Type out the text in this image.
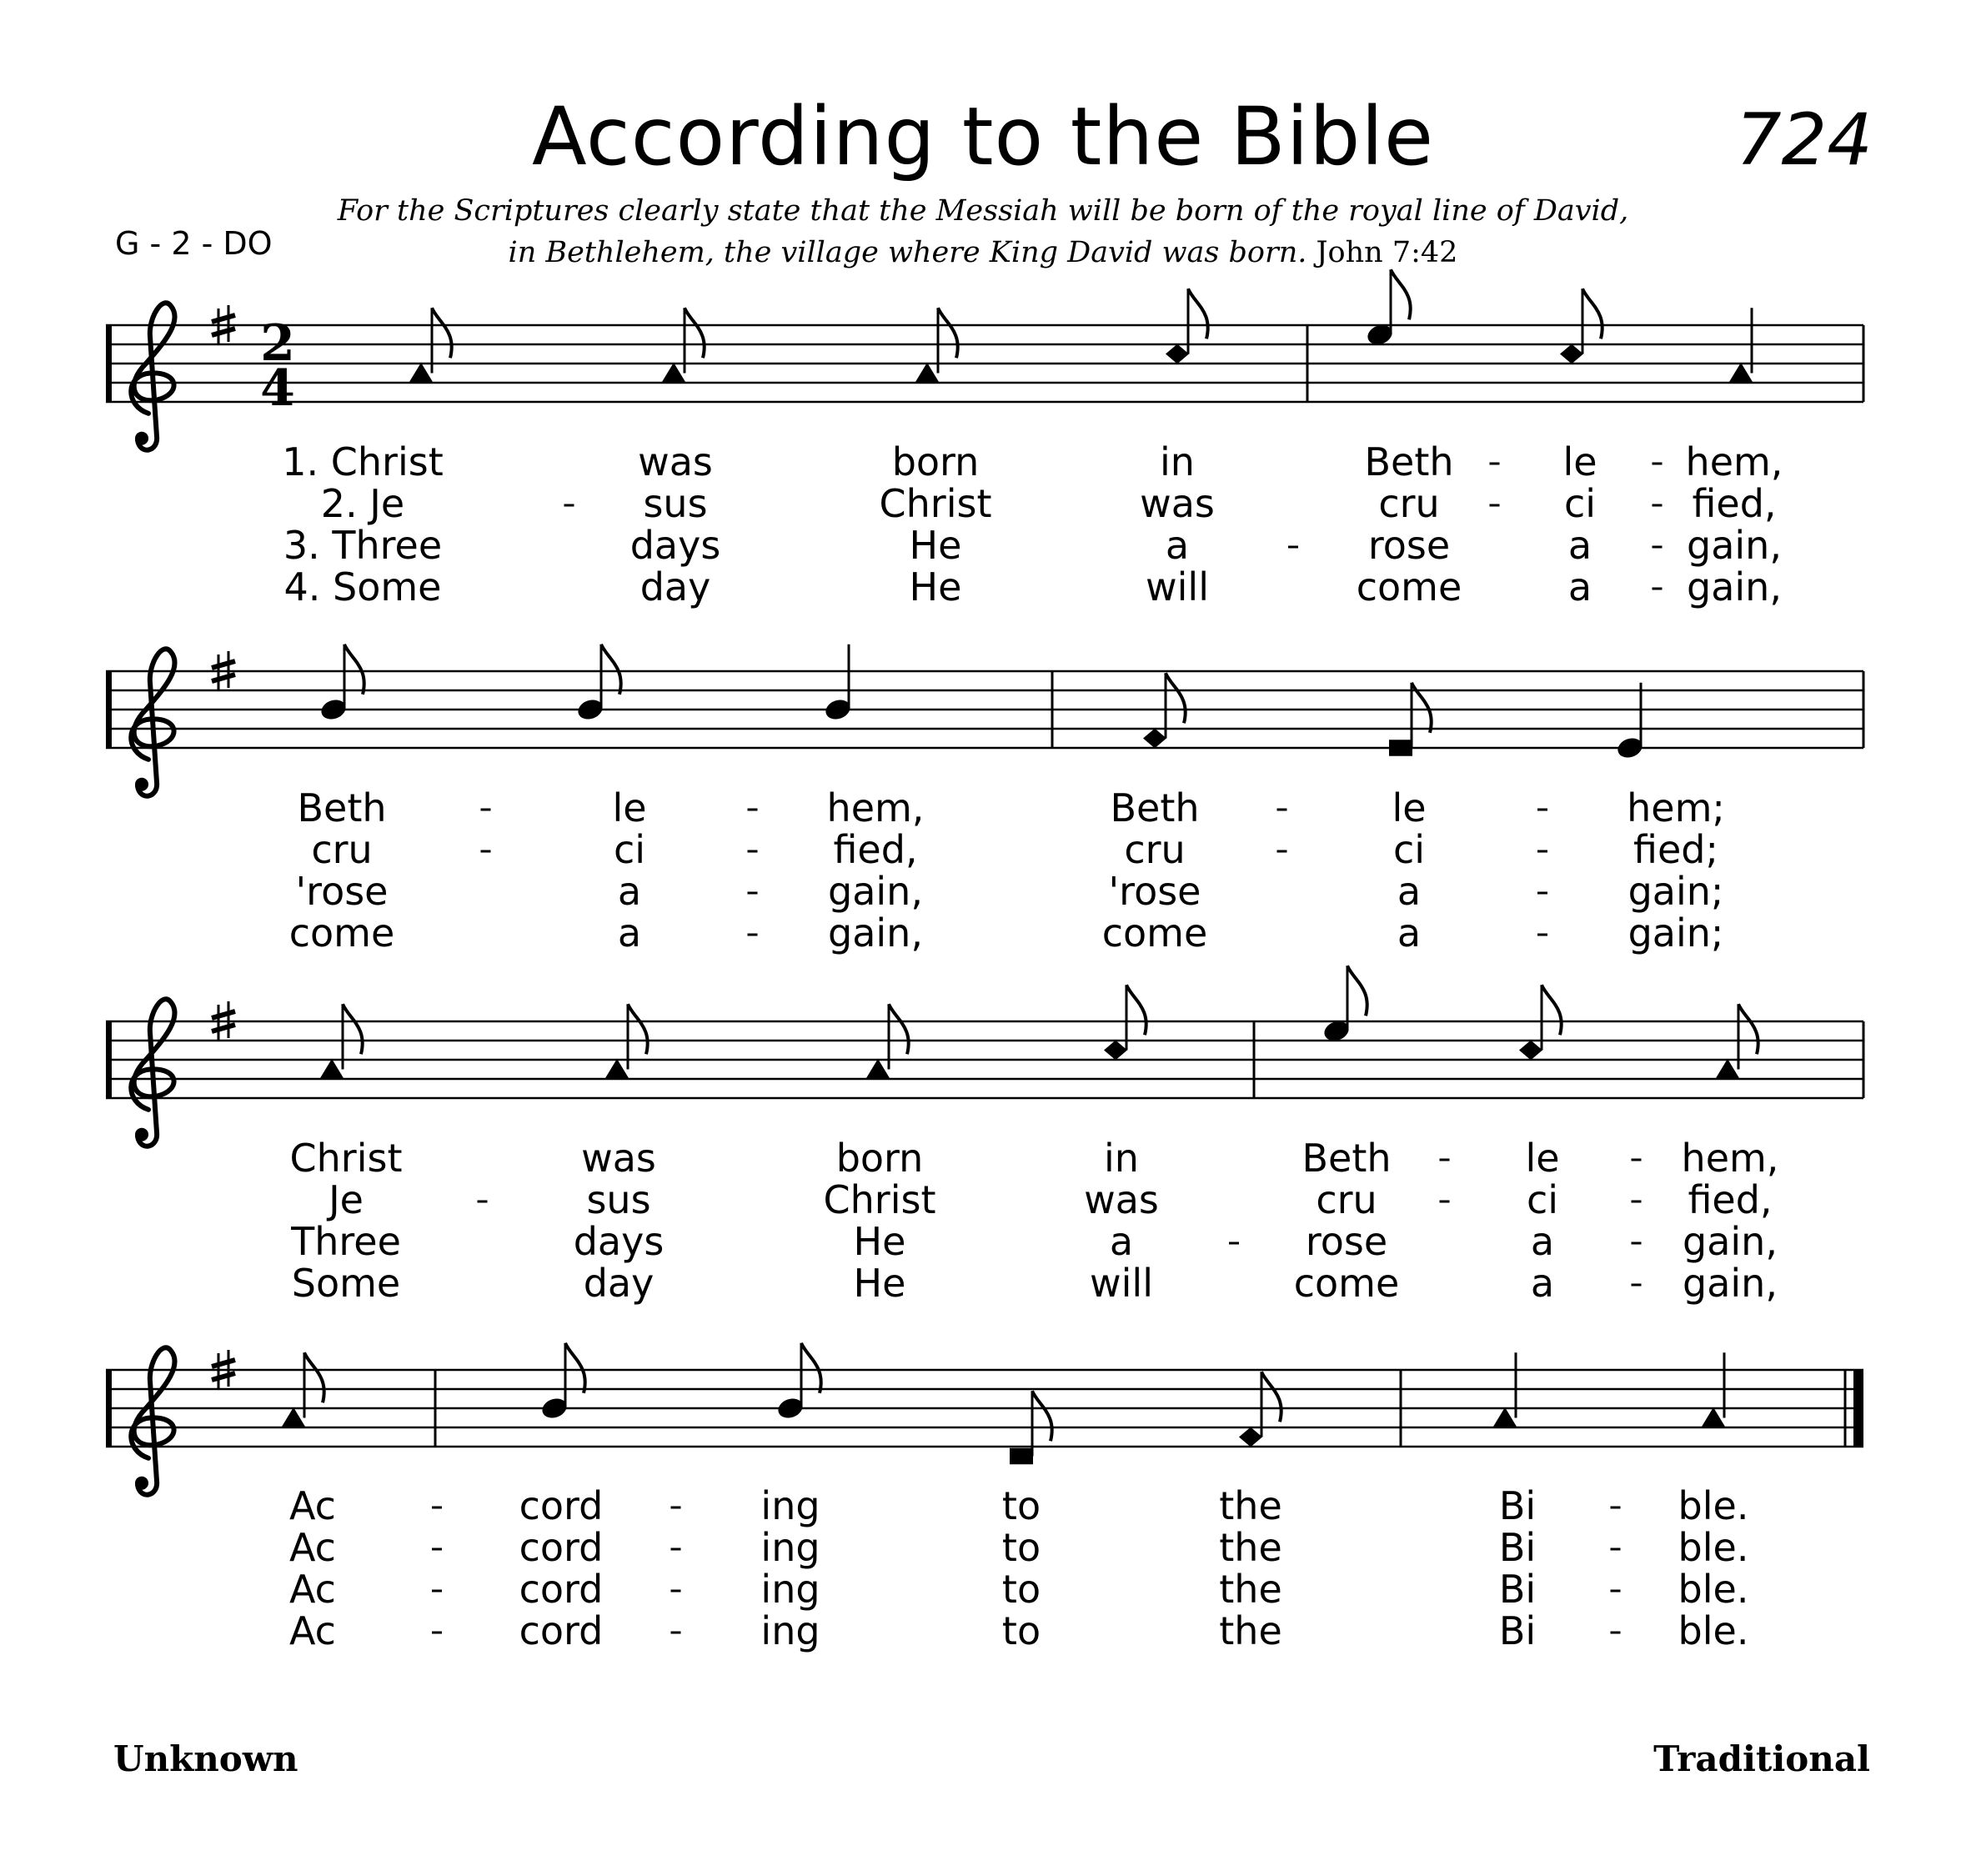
According to the Bible	724
For the Scriptures clearly state that the Messiah will be born of the royal line of David,
in Bethlehem, the village where King David was born. John 7:42
G - 2 - DO
2
4
1. Christ	was	born	in	Beth	le hem,
2. Je	sus	Christ	was	cru	ci	fied,
3. Three	days	He	a	rose	a gain,
4. Some	day	He	will	come	a gain,
Beth	le	hem,	Beth	le	hem;
cru	ci	fied,	cru	ci	fied;
'rose	a	gain,	'rose	a	gain;
come	a	gain,	come	a	gain;
Christ	was	born	in	Beth	le	hem,
Je	sus	Christ	was	cru	ci	fied,
Three	days	He	a	rose	a	gain,
Some	day	He	will	come	a	gain,
Ac	cord	ing	to	the	Bi	ble.
Ac	cord	ing	to	the	Bi	ble.
Ac	cord	ing	to	the	Bi	ble.
Ac	cord	ing	to	the	Bi	ble.
Unknown	Traditional
